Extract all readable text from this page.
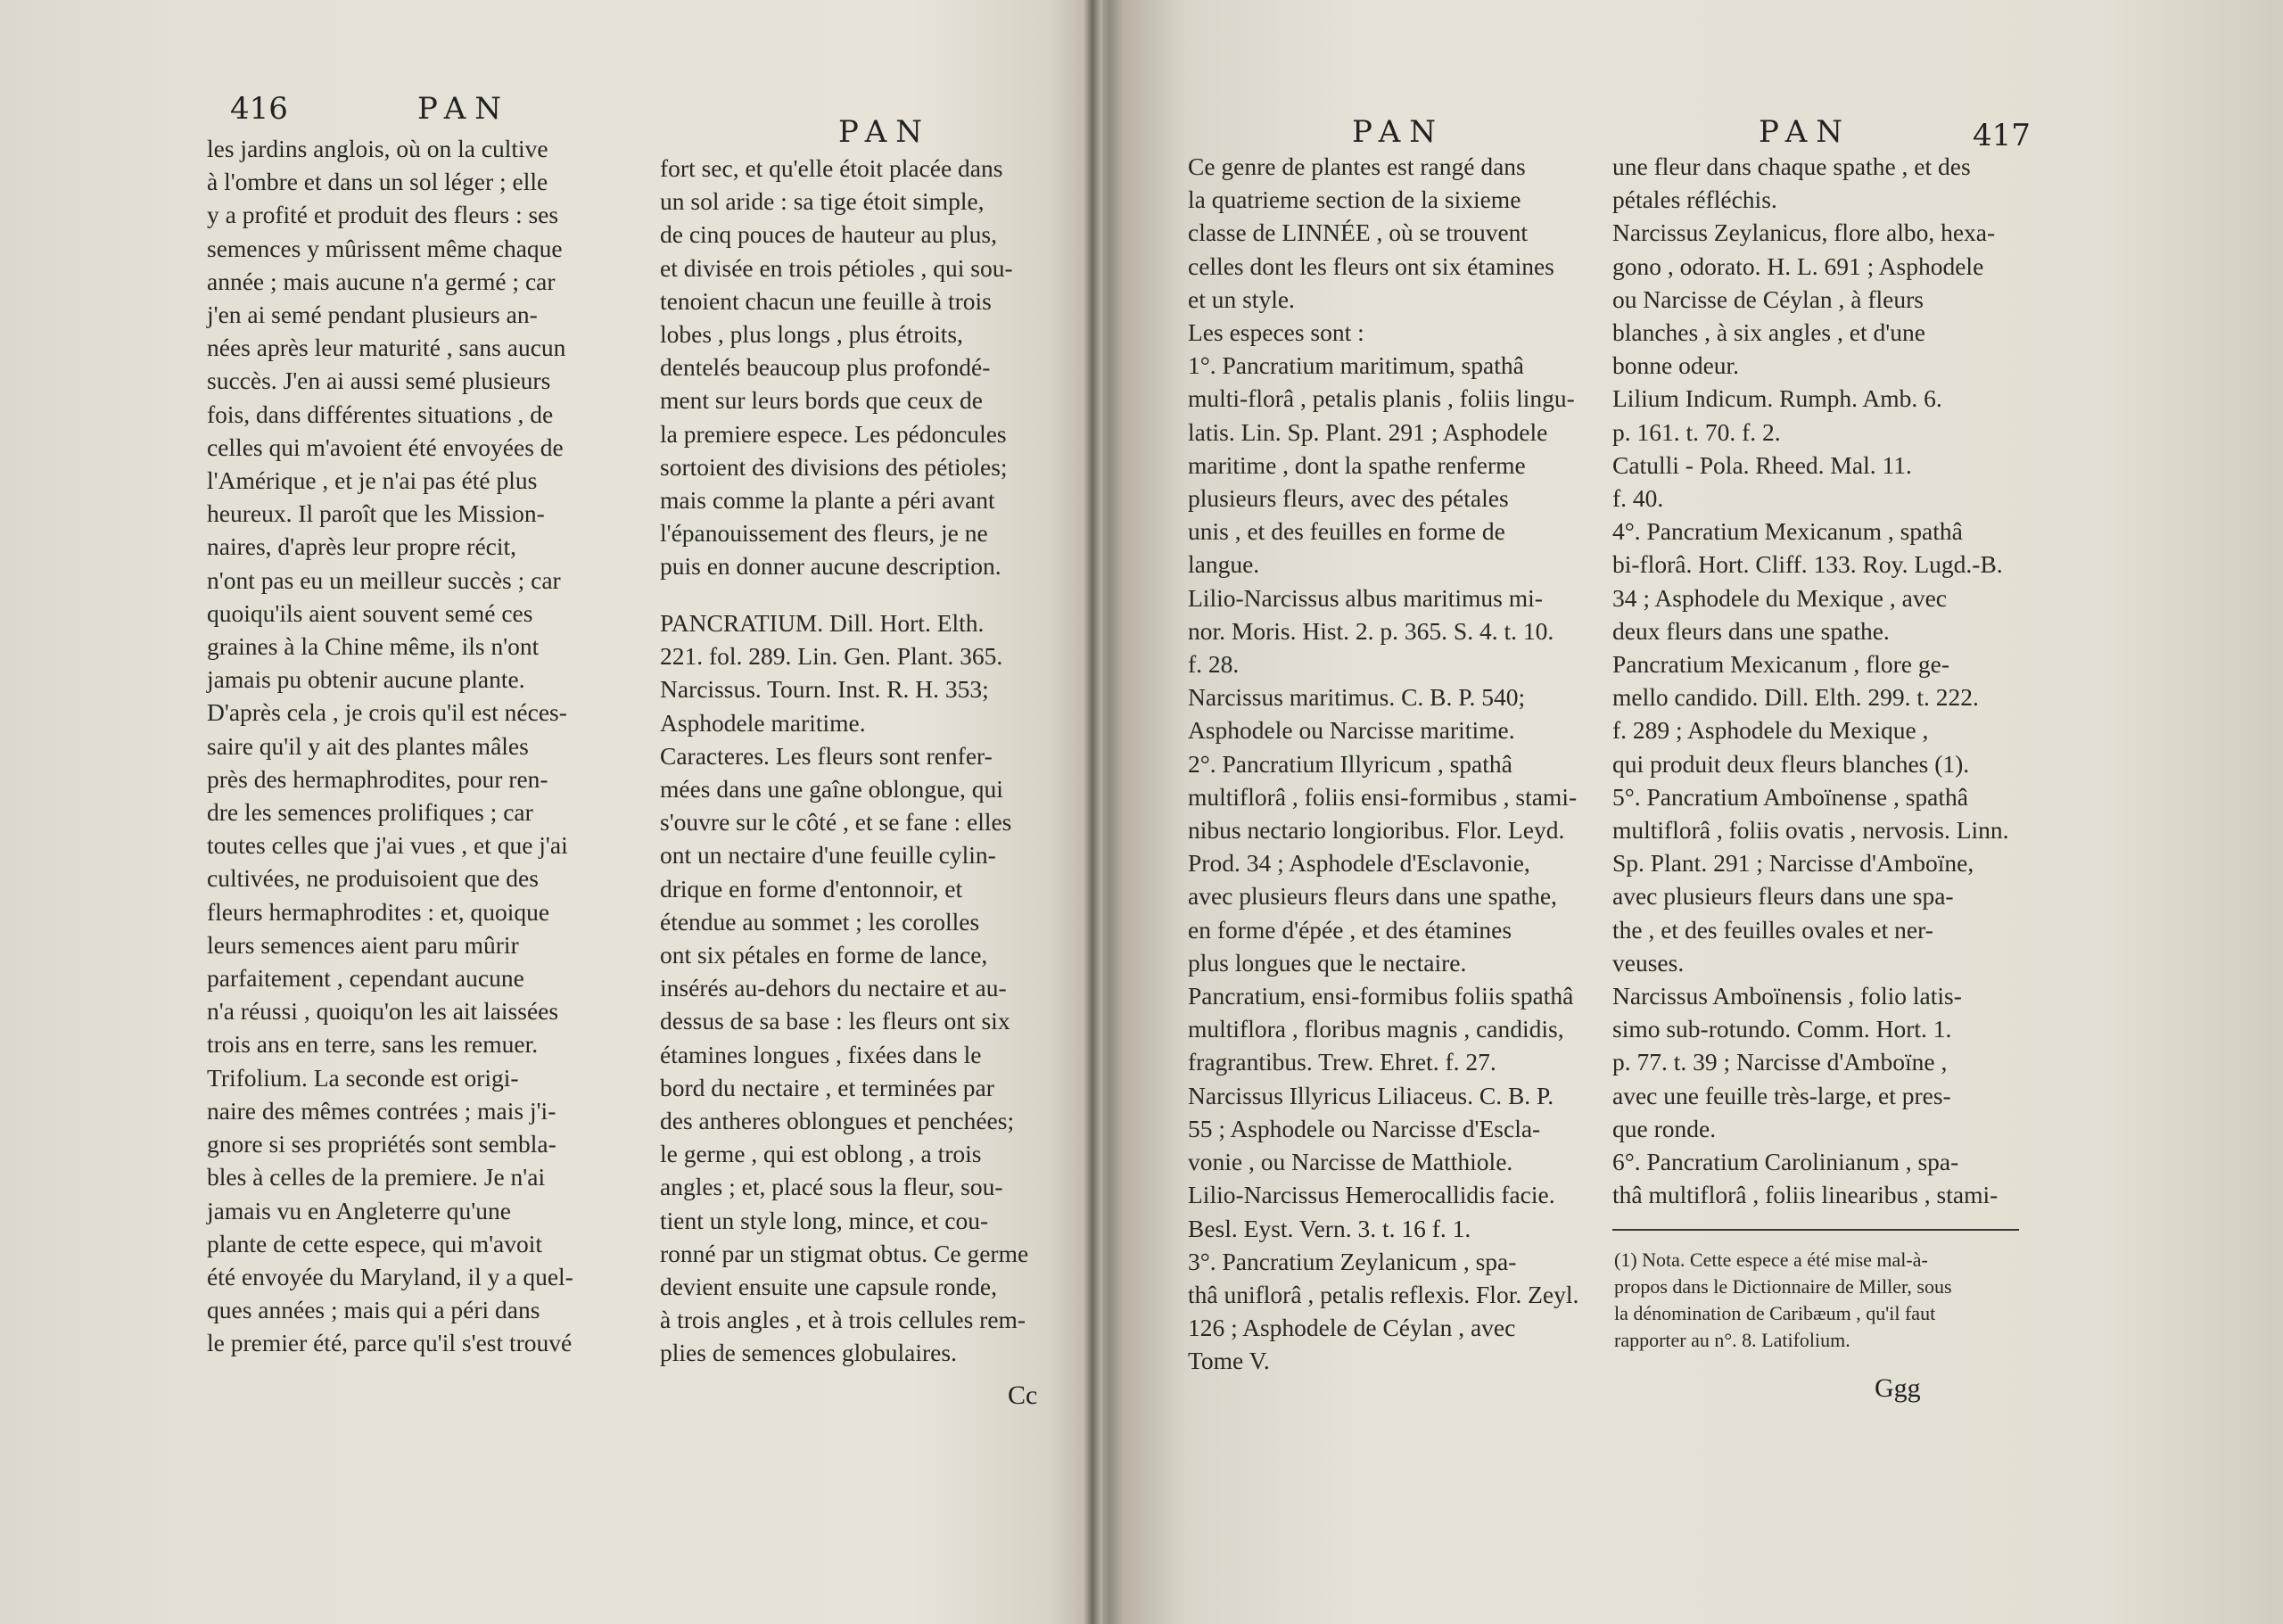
416	PAN
PAN
les jardins anglois, où on la cultive
à l'ombre et dans un sol léger ; elle
y a profité et produit des fleurs : ses
semences y mûrissent même chaque
année ; mais aucune n'a germé ; car
j'en ai semé pendant plusieurs an-
nées après leur maturité , sans aucun
succès. J'en ai aussi semé plusieurs
fois, dans différentes situations , de
celles qui m'avoient été envoyées de
l'Amérique , et je n'ai pas été plus
heureux. Il paroît que les Mission-
naires, d'après leur propre récit,
n'ont pas eu un meilleur succès ; car
quoiqu'ils aient souvent semé ces
graines à la Chine même, ils n'ont
jamais pu obtenir aucune plante.
D'après cela , je crois qu'il est néces-
saire qu'il y ait des plantes mâles
près des hermaphrodites, pour ren-
dre les semences prolifiques ; car
toutes celles que j'ai vues , et que j'ai
cultivées, ne produisoient que des
fleurs hermaphrodites : et, quoique
leurs semences aient paru mûrir
parfaitement , cependant aucune
n'a réussi , quoiqu'on les ait laissées
trois ans en terre, sans les remuer.
Trifolium. La seconde est origi-
naire des mêmes contrées ; mais j'i-
gnore si ses propriétés sont sembla-
bles à celles de la premiere. Je n'ai
jamais vu en Angleterre qu'une
plante de cette espece, qui m'avoit
été envoyée du Maryland, il y a quel-
ques années ; mais qui a péri dans
le premier été, parce qu'il s'est trouvé
fort sec, et qu'elle étoit placée dans
un sol aride : sa tige étoit simple,
de cinq pouces de hauteur au plus,
et divisée en trois pétioles , qui sou-
tenoient chacun une feuille à trois
lobes , plus longs , plus étroits,
dentelés beaucoup plus profondé-
ment sur leurs bords que ceux de
la premiere espece. Les pédoncules
sortoient des divisions des pétioles;
mais comme la plante a péri avant
l'épanouissement des fleurs, je ne
puis en donner aucune description.
PANCRATIUM. Dill. Hort. Elth.
221. fol. 289. Lin. Gen. Plant. 365.
Narcissus. Tourn. Inst. R. H. 353;
Asphodele maritime.
Caracteres. Les fleurs sont renfer-
mées dans une gaîne oblongue, qui
s'ouvre sur le côté , et se fane : elles
ont un nectaire d'une feuille cylin-
drique en forme d'entonnoir, et
étendue au sommet ; les corolles
ont six pétales en forme de lance,
insérés au-dehors du nectaire et au-
dessus de sa base : les fleurs ont six
étamines longues , fixées dans le
bord du nectaire , et terminées par
des antheres oblongues et penchées;
le germe , qui est oblong , a trois
angles ; et, placé sous la fleur, sou-
tient un style long, mince, et cou-
ronné par un stigmat obtus. Ce germe
devient ensuite une capsule ronde,
à trois angles , et à trois cellules rem-
plies de semences globulaires.
Cc
PAN	PAN	417
Ce genre de plantes est rangé dans
la quatrieme section de la sixieme
classe de LINNÉE , où se trouvent
celles dont les fleurs ont six étamines
et un style.
Les especes sont :
1°. Pancratium maritimum, spathâ
multi-florâ , petalis planis , foliis lingu-
latis. Lin. Sp. Plant. 291 ; Asphodele
maritime , dont la spathe renferme
plusieurs fleurs, avec des pétales
unis , et des feuilles en forme de
langue.
Lilio-Narcissus albus maritimus mi-
nor. Moris. Hist. 2. p. 365. S. 4. t. 10.
f. 28.
Narcissus maritimus. C. B. P. 540;
Asphodele ou Narcisse maritime.
2°. Pancratium Illyricum , spathâ
multiflorâ , foliis ensi-formibus , stami-
nibus nectario longioribus. Flor. Leyd.
Prod. 34 ; Asphodele d'Esclavonie,
avec plusieurs fleurs dans une spathe,
en forme d'épée , et des étamines
plus longues que le nectaire.
Pancratium, ensi-formibus foliis spathâ
multiflora , floribus magnis , candidis,
fragrantibus. Trew. Ehret. f. 27.
Narcissus Illyricus Liliaceus. C. B. P.
55 ; Asphodele ou Narcisse d'Escla-
vonie , ou Narcisse de Matthiole.
Lilio-Narcissus Hemerocallidis facie.
Besl. Eyst. Vern. 3. t. 16 f. 1.
3°. Pancratium Zeylanicum , spa-
thâ uniflorâ , petalis reflexis. Flor. Zeyl.
126 ; Asphodele de Céylan , avec
Tome V.
une fleur dans chaque spathe , et des
pétales réfléchis.
Narcissus Zeylanicus, flore albo, hexa-
gono , odorato. H. L. 691 ; Asphodele
ou Narcisse de Céylan , à fleurs
blanches , à six angles , et d'une
bonne odeur.
Lilium Indicum. Rumph. Amb. 6.
p. 161. t. 70. f. 2.
Catulli - Pola. Rheed. Mal. 11.
f. 40.
4°. Pancratium Mexicanum , spathâ
bi-florâ. Hort. Cliff. 133. Roy. Lugd.-B.
34 ; Asphodele du Mexique , avec
deux fleurs dans une spathe.
Pancratium Mexicanum , flore ge-
mello candido. Dill. Elth. 299. t. 222.
f. 289 ; Asphodele du Mexique ,
qui produit deux fleurs blanches (1).
5°. Pancratium Amboïnense , spathâ
multiflorâ , foliis ovatis , nervosis. Linn.
Sp. Plant. 291 ; Narcisse d'Amboïne,
avec plusieurs fleurs dans une spa-
the , et des feuilles ovales et ner-
veuses.
Narcissus Amboïnensis , folio latis-
simo sub-rotundo. Comm. Hort. 1.
p. 77. t. 39 ; Narcisse d'Amboïne ,
avec une feuille très-large, et pres-
que ronde.
6°. Pancratium Carolinianum , spa-
thâ multiflorâ , foliis linearibus , stami-
(1) Nota. Cette espece a été mise mal-à-
propos dans le Dictionnaire de Miller, sous
la dénomination de Caribæum , qu'il faut
rapporter au n°. 8. Latifolium.
Ggg
